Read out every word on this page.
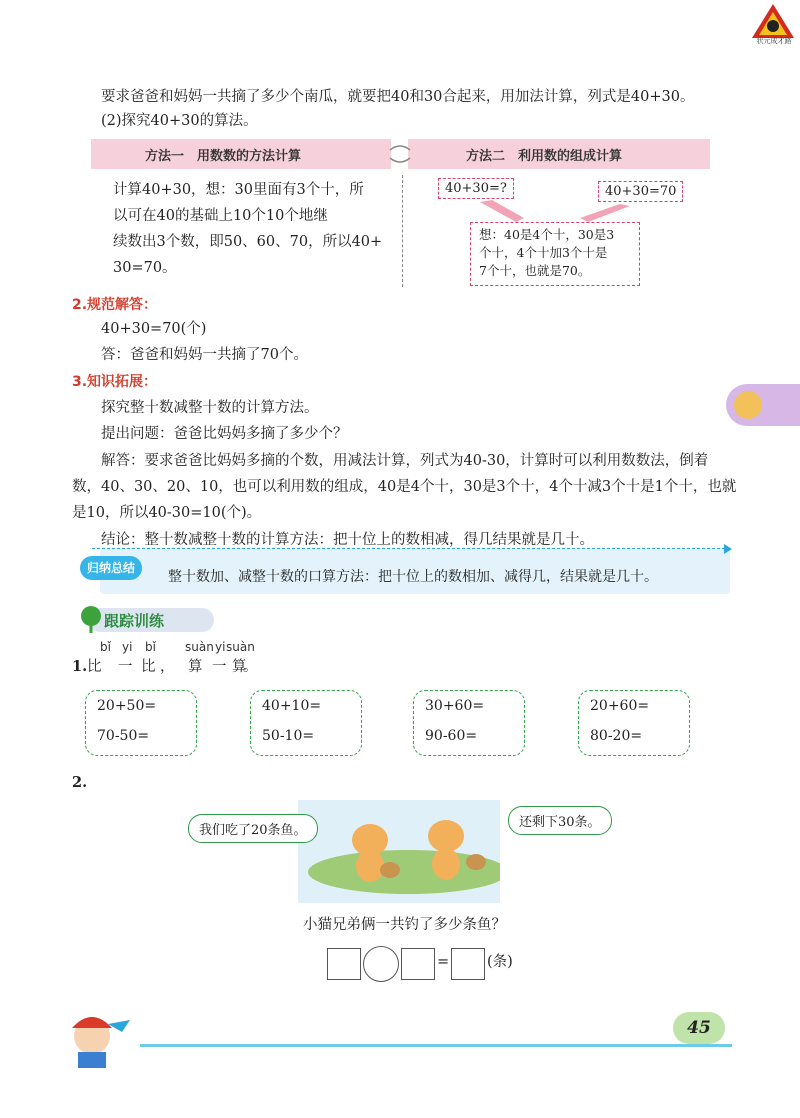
状元成才路
要求爸爸和妈妈一共摘了多少个南瓜，就要把40和30合起来，用加法计算，列式是40+30。
(2)探究40+30的算法。
方法一　用数数的方法计算	方法二　利用数的组成计算
计算40+30，想：30里面有3个十，所
以可在40的基础上10个10个地继
续数出3个数，即50、60、70，所以40+
30=70。
40+30=?	40+30=70
想：40是4个十，30是3
个十，4个十加3个十是
7个十，也就是70。
2.规范解答：
40+30=70(个)
答：爸爸和妈妈一共摘了70个。
3.知识拓展：
探究整十数减整十数的计算方法。
提出问题：爸爸比妈妈多摘了多少个？
解答：要求爸爸比妈妈多摘的个数，用减法计算，列式为40-30，计算时可以利用数数法，倒着
数，40、30、20、10，也可以利用数的组成，40是4个十，30是3个十，4个十减3个十是1个十，也就
是10，所以40-30=10(个)。
结论：整十数减整十数的计算方法：把十位上的数相减，得几结果就是几十。
归纳总结
整十数加、减整十数的口算方法：把十位上的数相加、减得几，结果就是几十。
跟踪训练
bǐ yi bǐ suàn yi suàn
1. 比 一 比 ， 算 一 算
。
20+50=
70-50=
40+10=
50-10=
30+60=
90-60=
20+60=
80-20=
2.
我们吃了20条鱼。
还剩下30条。
小猫兄弟俩一共钓了多少条鱼？
=	(条)
45
